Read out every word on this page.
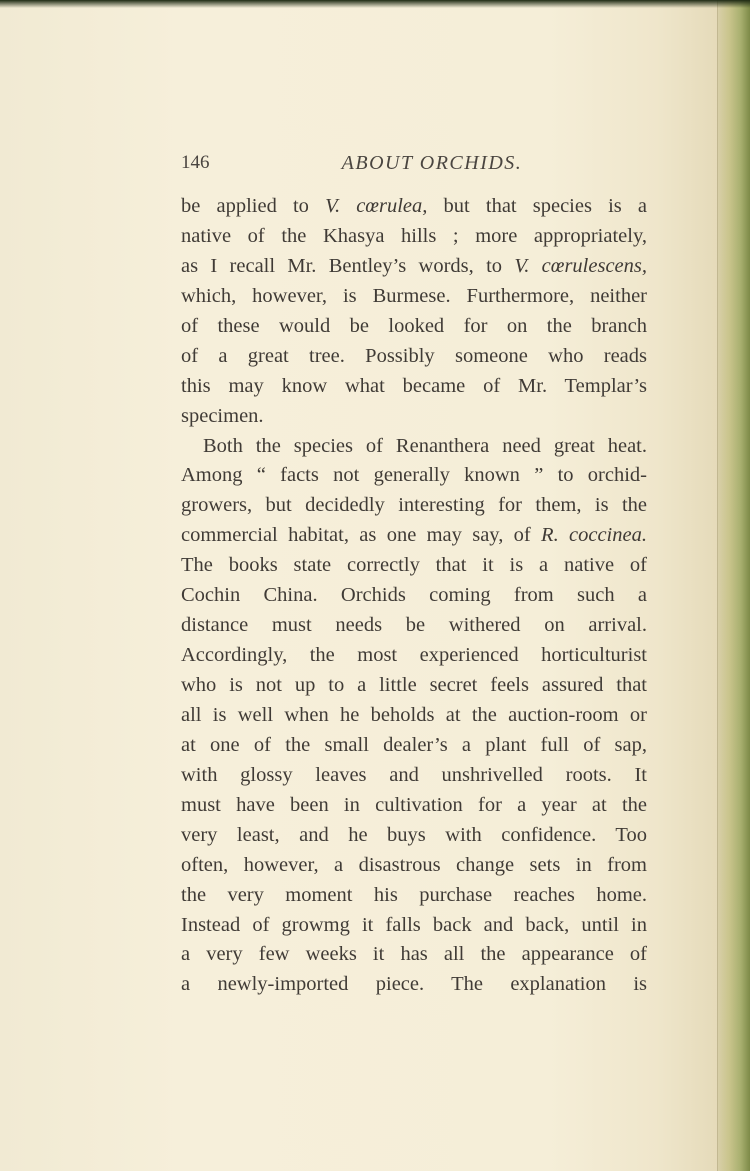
146	ABOUT ORCHIDS.
be applied to V. cœrulea, but that species is a
native of the Khasya hills ; more appropriately,
as I recall Mr. Bentley’s words, to V. cœrulescens,
which, however, is Burmese. Furthermore, neither
of these would be looked for on the branch
of a great tree. Possibly someone who reads
this may know what became of Mr. Templar’s
specimen.
Both the species of Renanthera need great heat.
Among “ facts not generally known ” to orchid-
growers, but decidedly interesting for them, is the
commercial habitat, as one may say, of R. coccinea.
The books state correctly that it is a native of
Cochin China. Orchids coming from such a
distance must needs be withered on arrival.
Accordingly, the most experienced horticulturist
who is not up to a little secret feels assured that
all is well when he beholds at the auction-room or
at one of the small dealer’s a plant full of sap,
with glossy leaves and unshrivelled roots. It
must have been in cultivation for a year at the
very least, and he buys with confidence. Too
often, however, a disastrous change sets in from
the very moment his purchase reaches home.
Instead of growmg it falls back and back, until in
a very few weeks it has all the appearance of
a newly-imported piece. The explanation is
